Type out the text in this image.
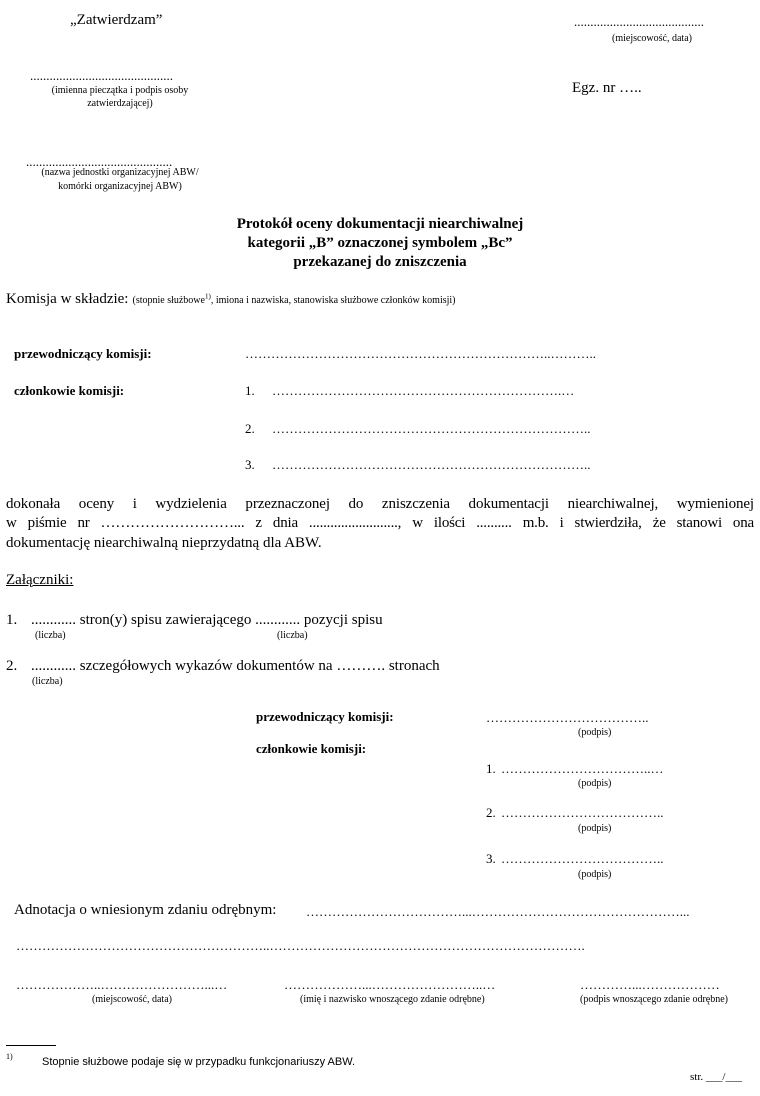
„Zatwierdzam”	........................................
(miejscowość, data)
............................................
(imienna pieczątka i podpis osoby
zatwierdzającej)
Egz. nr …..
.............................................
(nazwa jednostki organizacyjnej ABW/
komórki organizacyjnej ABW)
Protokół oceny dokumentacji niearchiwalnej
kategorii „B” oznaczonej symbolem „Bc”
przekazanej do zniszczenia
Komisja w składzie: (stopnie służbowe$^{1)}$, imiona i nazwiska, stanowiska służbowe członków komisji)
przewodniczący komisji:	……………………………………………………………..………..
członkowie komisji:	1. ………………………………………………………….…
2. ………………………………………………………………..
3. ………………………………………………………………..
dokonała oceny i wydzielenia przeznaczonej do zniszczenia dokumentacji niearchiwalnej, wymienionej
w piśmie nr ………………………... z dnia ........................., w ilości .......... m.b. i stwierdziła, że stanowi ona
dokumentację niearchiwalną nieprzydatną dla ABW.
Załączniki:
1. ............ stron(y) spisu zawierającego ............ pozycji spisu
(liczba)	(liczba)
2. ............ szczegółowych wykazów dokumentów na ………. stronach
(liczba)
przewodniczący komisji:	………………………………..
(podpis)
członkowie komisji:
1. ……………………………..…
(podpis)
2. ………………………………..
(podpis)
3. ………………………………..
(podpis)
Adnotacja o wniesionym zdaniu odrębnym: ………………………………...…………………………………………...
…………………………………………………..……………………………………………………………….
………………..……………………...…	………………...……………………..…	…………...………………
(miejscowość, data)	(imię i nazwisko wnoszącego zdanie odrębne)	(podpis wnoszącego zdanie odrębne)
1)	Stopnie służbowe podaje się w przypadku funkcjonariuszy ABW.
str. ___/___
